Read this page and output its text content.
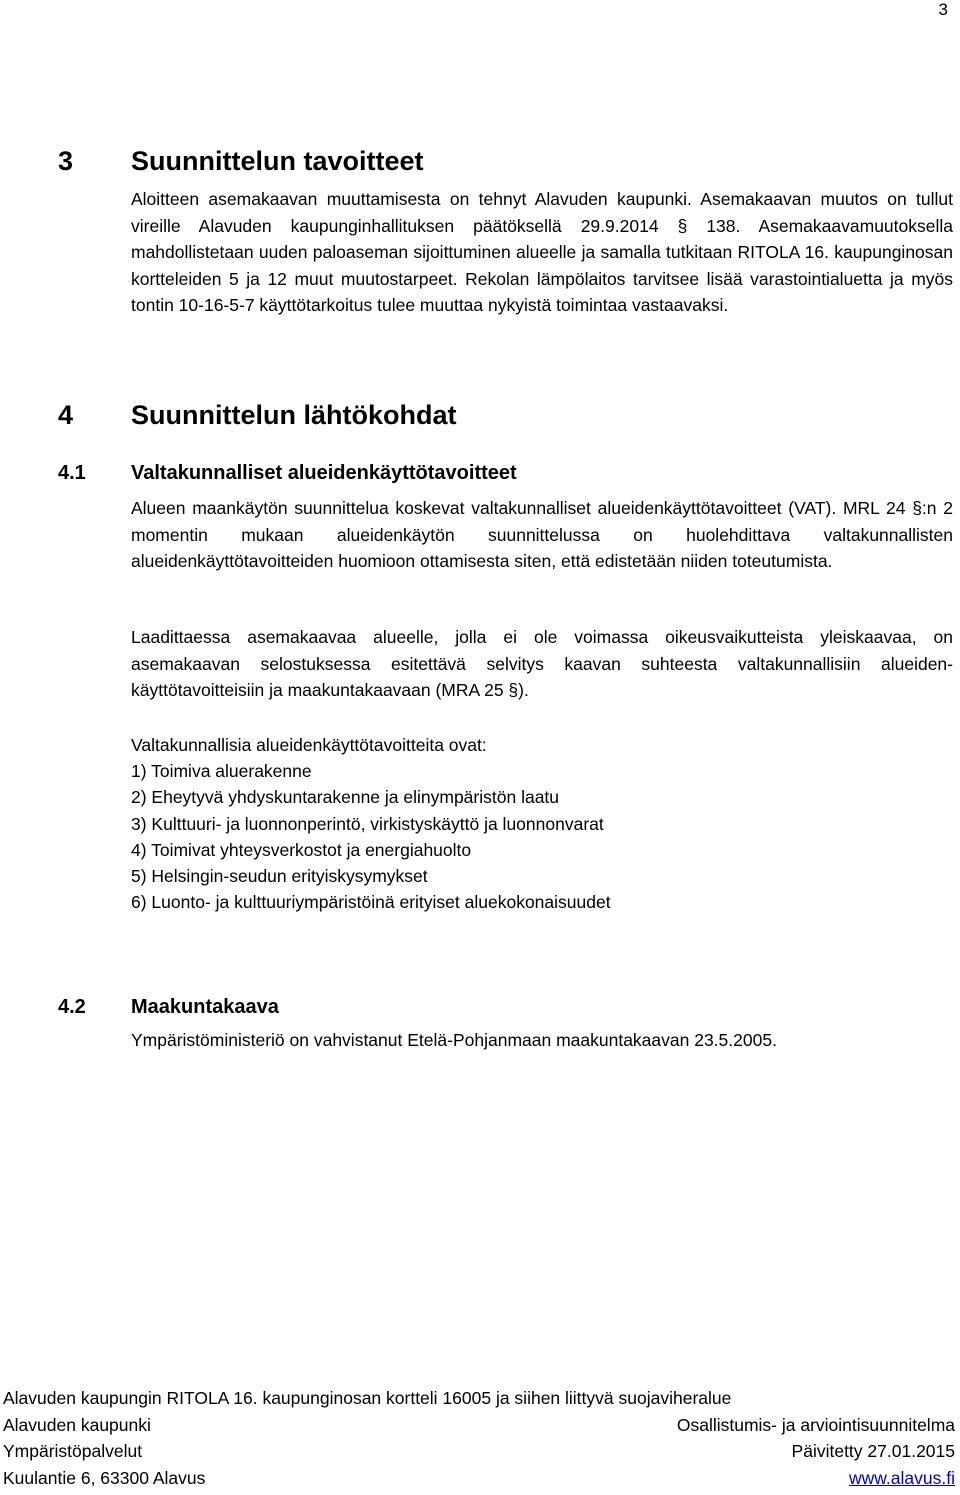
3
3 Suunnittelun tavoitteet

Aloitteen asemakaavan muuttamisesta on tehnyt Alavuden kaupunki. Asemakaavan muutos on tullut vireille Alavuden kaupunginhallituksen päätöksellä 29.9.2014 § 138. Asemakaavamuutoksella mahdollistetaan uuden paloaseman sijoittuminen alueelle ja samalla tutkitaan RITOLA 16. kaupunginosan kortteleiden 5 ja 12 muut muutostarpeet. Rekolan lämpölaitos tarvitsee lisää varastointialuetta ja myös tontin 10-16-5-7 käyttötarkoitus tulee muuttaa nykyistä toimintaa vastaavaksi.

4 Suunnittelun lähtökohdat
4.1 Valtakunnalliset alueidenkäyttötavoitteet

Alueen maankäytön suunnittelua koskevat valtakunnalliset alueidenkäyttötavoitteet (VAT). MRL 24 §:n 2 momentin mukaan alueidenkäytön suunnittelussa on huolehdittava valtakunnallisten alueidenkäyttötavoitteiden huomioon ottamisesta siten, että edistetään niiden toteutumista.

Laadittaessa asemakaavaa alueelle, jolla ei ole voimassa oikeusvaikutteista yleiskaavaa, on asemakaavan selostuksessa esitettävä selvitys kaavan suhteesta valtakunnallisiin alueidenkäyttötavoitteisiin ja maakuntakaavaan (MRA 25 §).

Valtakunnallisia alueidenkäyttötavoitteita ovat:
1) Toimiva aluerakenne
2) Eheytyvä yhdyskuntarakenne ja elinympäristön laatu
3) Kulttuuri- ja luonnonperintö, virkistyskäyttö ja luonnonvarat
4) Toimivat yhteysverkostot ja energiahuolto
5) Helsingin-seudun erityiskysymykset
6) Luonto- ja kulttuuriympäristöinä erityiset aluekokonaisuudet
4.2 Maakuntakaava

Ympäristöministeriö on vahvistanut Etelä-Pohjanmaan maakuntakaavan 23.5.2005.

Alavuden kaupungin RITOLA 16. kaupunginosan kortteli 16005 ja siihen liittyvä suojaviheralue
Alavuden kaupunki	Osallistumis- ja arviointisuunnitelma
Ympäristöpalvelut	Päivitetty 27.01.2015
Kuulantie 6, 63300 Alavus	www.alavus.fi
